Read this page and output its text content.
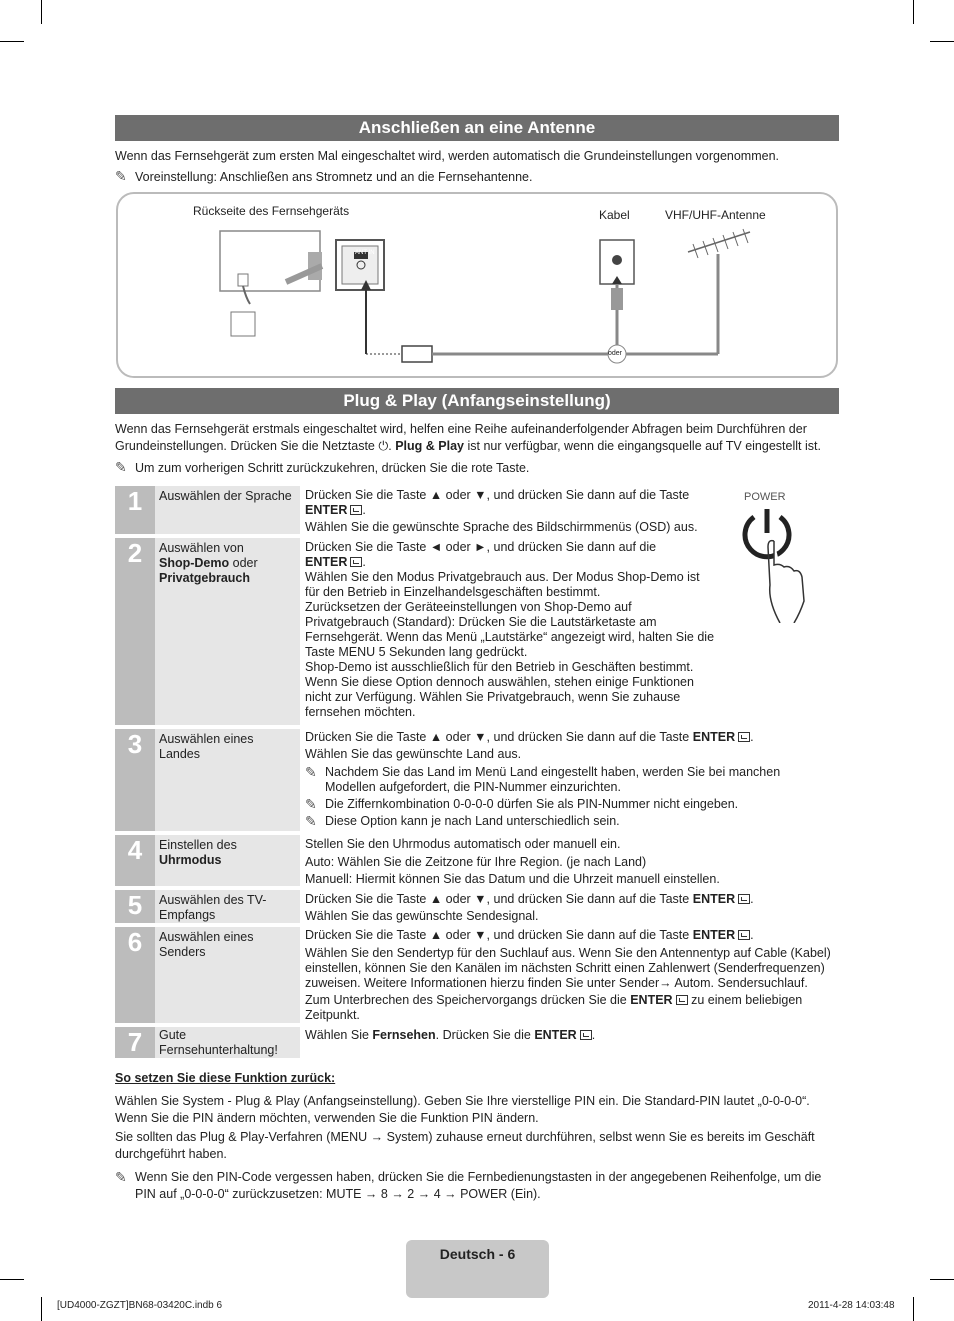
Anschließen an eine Antenne
Wenn das Fernsehgerät zum ersten Mal eingeschaltet wird, werden automatisch die Grundeinstellungen vorgenommen.
✎ Voreinstellung: Anschließen ans Stromnetz und an die Fernsehantenne.
Rückseite des Fernsehgeräts	Kabel	VHF/UHF-Antenne
ANT IN
oder
Plug & Play (Anfangseinstellung)
Wenn das Fernsehgerät erstmals eingeschaltet wird, helfen eine Reihe aufeinanderfolgender Abfragen beim Durchführen der
Grundeinstellungen. Drücken Sie die Netztaste ⏻. Plug & Play ist nur verfügbar, wenn die eingangsquelle auf TV eingestellt ist.
✎ Um zum vorherigen Schritt zurückzukehren, drücken Sie die rote Taste.
POWER
1	Auswählen der Sprache	Drücken Sie die Taste ▲ oder ▼, und drücken Sie dann auf die Taste

ENTER .

Wählen Sie die gewünschte Sprache des Bildschirmmenüs (OSD) aus.

2	Auswählen von
Shop-Demo oder
Privatgebrauch

Drücken Sie die Taste ◄ oder ►, und drücken Sie dann auf die

ENTER .

Wählen Sie den Modus Privatgebrauch aus. Der Modus Shop-Demo ist für den Betrieb in Einzelhandelsgeschäften bestimmt.

Zurücksetzen der Geräteeinstellungen von Shop-Demo auf Privatgebrauch (Standard): Drücken Sie die Lautstärketaste am Fernsehgerät. Wenn das Menü „Lautstärke“ angezeigt wird, halten Sie die Taste MENU 5 Sekunden lang gedrückt.

Shop-Demo ist ausschließlich für den Betrieb in Geschäften bestimmt. Wenn Sie diese Option dennoch auswählen, stehen einige Funktionen nicht zur Verfügung. Wählen Sie Privatgebrauch, wenn Sie zuhause fernsehen möchten.

3	Auswählen eines Landes

Drücken Sie die Taste ▲ oder ▼, und drücken Sie dann auf die Taste ENTER .

Wählen Sie das gewünschte Land aus.

✎ Nachdem Sie das Land im Menü Land eingestellt haben, werden Sie bei manchen Modellen aufgefordert, die PIN-Nummer einzurichten.

✎ Die Ziffernkombination 0-0-0-0 dürfen Sie als PIN-Nummer nicht eingeben.

✎ Diese Option kann je nach Land unterschiedlich sein.

4	Einstellen des
Uhrmodus

Stellen Sie den Uhrmodus automatisch oder manuell ein.

Auto: Wählen Sie die Zeitzone für Ihre Region. (je nach Land)

Manuell: Hiermit können Sie das Datum und die Uhrzeit manuell einstellen.

5	Auswählen des TV-Empfangs

Drücken Sie die Taste ▲ oder ▼, und drücken Sie dann auf die Taste ENTER .

Wählen Sie das gewünschte Sendesignal.

6	Auswählen eines Senders

Drücken Sie die Taste ▲ oder ▼, und drücken Sie dann auf die Taste ENTER .

Wählen Sie den Sendertyp für den Suchlauf aus. Wenn Sie den Antennentyp auf Cable (Kabel) einstellen, können Sie den Kanälen im nächsten Schritt einen Zahlenwert (Senderfrequenzen) zuweisen. Weitere Informationen hierzu finden Sie unter Sender→ Autom. Sendersuchlauf.

Zum Unterbrechen des Speichervorgangs drücken Sie die ENTER zu einem beliebigen Zeitpunkt.

7	Gute Fernsehunterhaltung!

Wählen Sie Fernsehen. Drücken Sie die ENTER .

So setzen Sie diese Funktion zurück:
Wählen Sie System - Plug & Play (Anfangseinstellung). Geben Sie Ihre vierstellige PIN ein. Die Standard-PIN lautet „0-0-0-0“. Wenn Sie die PIN ändern möchten, verwenden Sie die Funktion PIN ändern.
Sie sollten das Plug & Play-Verfahren (MENU → System) zuhause erneut durchführen, selbst wenn Sie es bereits im Geschäft durchgeführt haben.
✎ Wenn Sie den PIN-Code vergessen haben, drücken Sie die Fernbedienungstasten in der angegebenen Reihenfolge, um die PIN auf „0-0-0-0“ zurückzusetzen: MUTE → 8 → 2 → 4 → POWER (Ein).
Deutsch - 6
[UD4000-ZGZT]BN68-03420C.indb 6	2011-4-28 14:03:48
